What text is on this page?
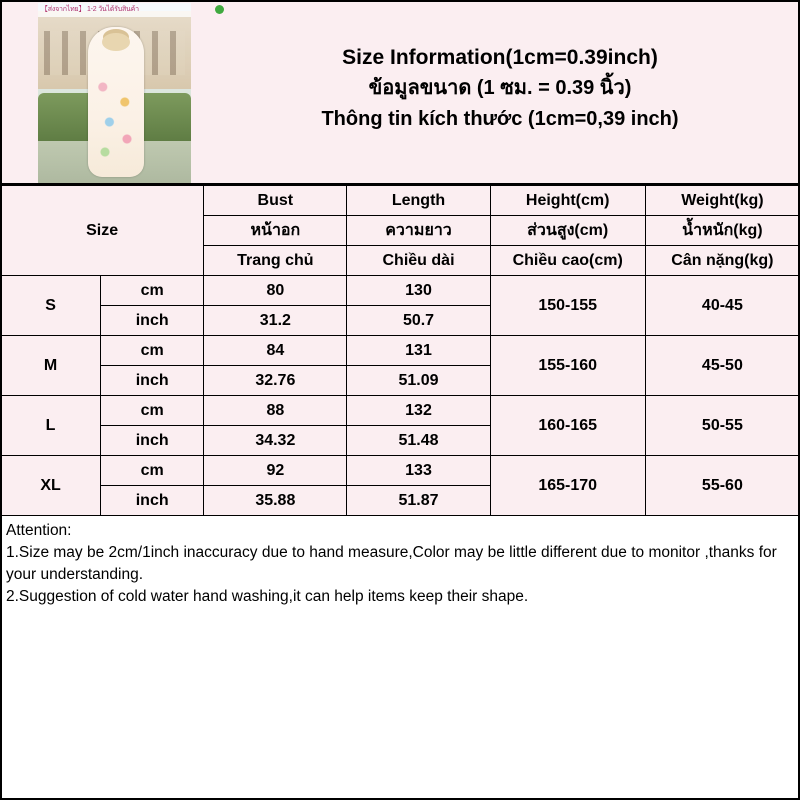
【ส่งจากไทย】 1-2 วันได้รับสินค้า
Size Information(1cm=0.39inch)
ข้อมูลขนาด (1 ซม. = 0.39 นิ้ว)
Thông tin kích thước (1cm=0,39 inch)
Size		Bust	Length	Height(cm)	Weight(kg)
		หน้าอก	ความยาว	ส่วนสูง(cm)	น้ำหนัก(kg)
		Trang chủ	Chiều dài	Chiều cao(cm)	Cân nặng(kg)
S	cm	80	130	150-155	40-45
	inch	31.2	50.7		
M	cm	84	131	155-160	45-50
	inch	32.76	51.09		
L	cm	88	132	160-165	50-55
	inch	34.32	51.48		
XL	cm	92	133	165-170	55-60
	inch	35.88	51.87		
Attention:
1.Size may be 2cm/1inch inaccuracy due to hand measure,Color may be little different due to monitor ,thanks for your understanding.
2.Suggestion of cold water hand washing,it can help items keep their shape.
